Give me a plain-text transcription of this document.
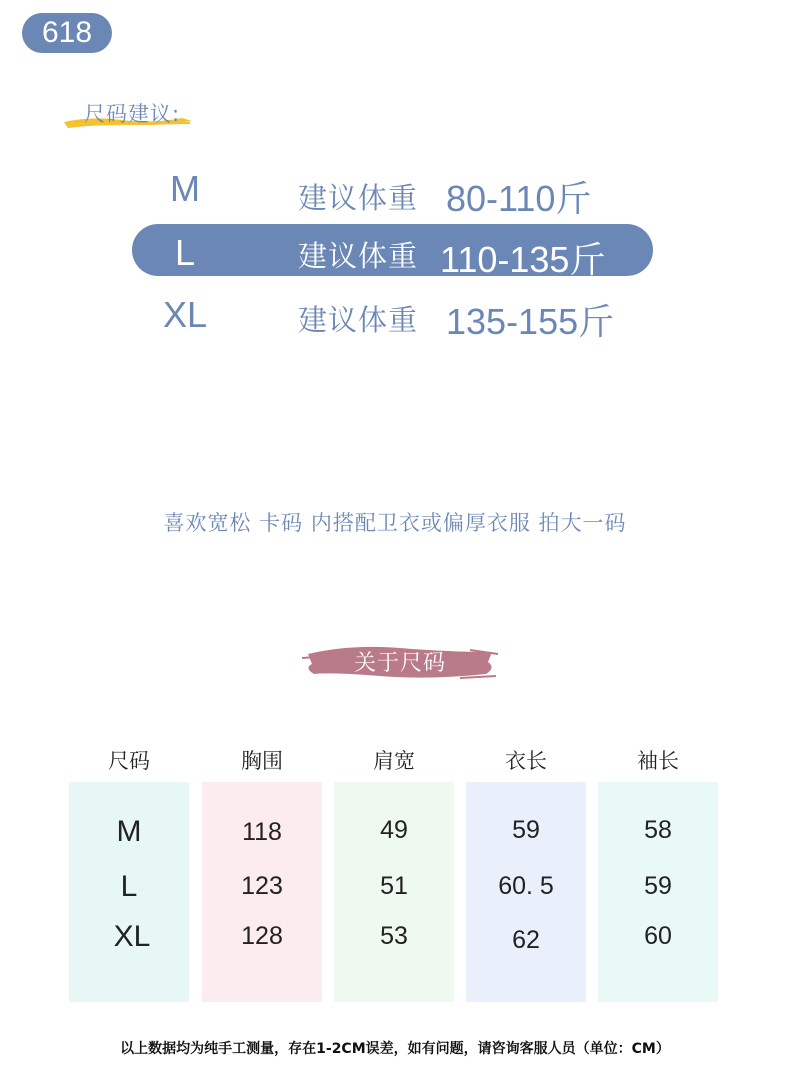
618
尺码建议:
M	建议体重 80-110斤
L	建议体重 110-135斤
XL	建议体重 135-155斤
喜欢宽松 卡码 内搭配卫衣或偏厚衣服 拍大一码
关于尺码
尺码	胸围	肩宽	衣长	袖长
M	118	49	59	58
L	123	51	60. 5	59
XL	128	53	62	60
以上数据均为纯手工测量，存在1-2CM误差，如有问题，请咨询客服人员（单位：CM）
